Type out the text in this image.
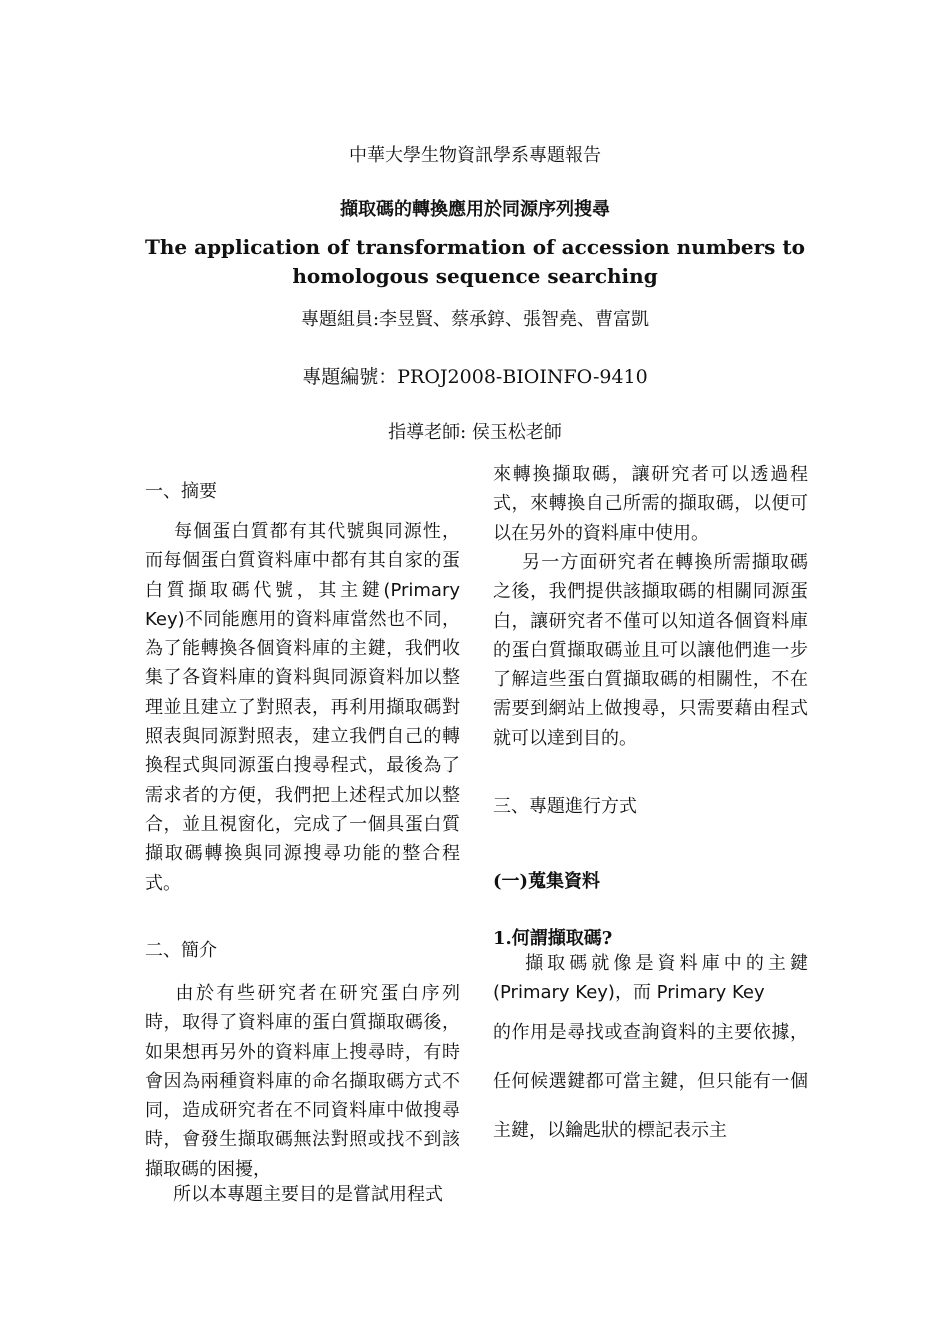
中華大學生物資訊學系專題報告
擷取碼的轉換應用於同源序列搜尋
The application of transformation of accession numbers to homologous sequence searching
專題組員:李昱賢、蔡承錞、張智堯、曹富凱
專題編號：PROJ2008-BIOINFO-9410
指導老師: 侯玉松老師
一、摘要
每個蛋白質都有其代號與同源性，而每個蛋白質資料庫中都有其自家的蛋白質擷取碼代號，其主鍵(Primary Key)不同能應用的資料庫當然也不同，為了能轉換各個資料庫的主鍵，我們收集了各資料庫的資料與同源資料加以整理並且建立了對照表，再利用擷取碼對照表與同源對照表，建立我們自己的轉換程式與同源蛋白搜尋程式，最後為了需求者的方便，我們把上述程式加以整合，並且視窗化，完成了一個具蛋白質擷取碼轉換與同源搜尋功能的整合程式。
二、簡介
由於有些研究者在研究蛋白序列時，取得了資料庫的蛋白質擷取碼後，如果想再另外的資料庫上搜尋時，有時會因為兩種資料庫的命名擷取碼方式不同，造成研究者在不同資料庫中做搜尋時，會發生擷取碼無法對照或找不到該擷取碼的困擾，
所以本專題主要目的是嘗試用程式
來轉換擷取碼，讓研究者可以透過程式，來轉換自己所需的擷取碼，以便可以在另外的資料庫中使用。
另一方面研究者在轉換所需擷取碼之後，我們提供該擷取碼的相關同源蛋白，讓研究者不僅可以知道各個資料庫的蛋白質擷取碼並且可以讓他們進一步了解這些蛋白質擷取碼的相關性，不在需要到網站上做搜尋，只需要藉由程式就可以達到目的。
三、專題進行方式
(一)蒐集資料
1.何謂擷取碼?
擷取碼就像是資料庫中的主鍵(Primary Key)，而 Primary Key
的作用是尋找或查詢資料的主要依據，任何候選鍵都可當主鍵，但只能有一個主鍵，以鑰匙狀的標記表示主
